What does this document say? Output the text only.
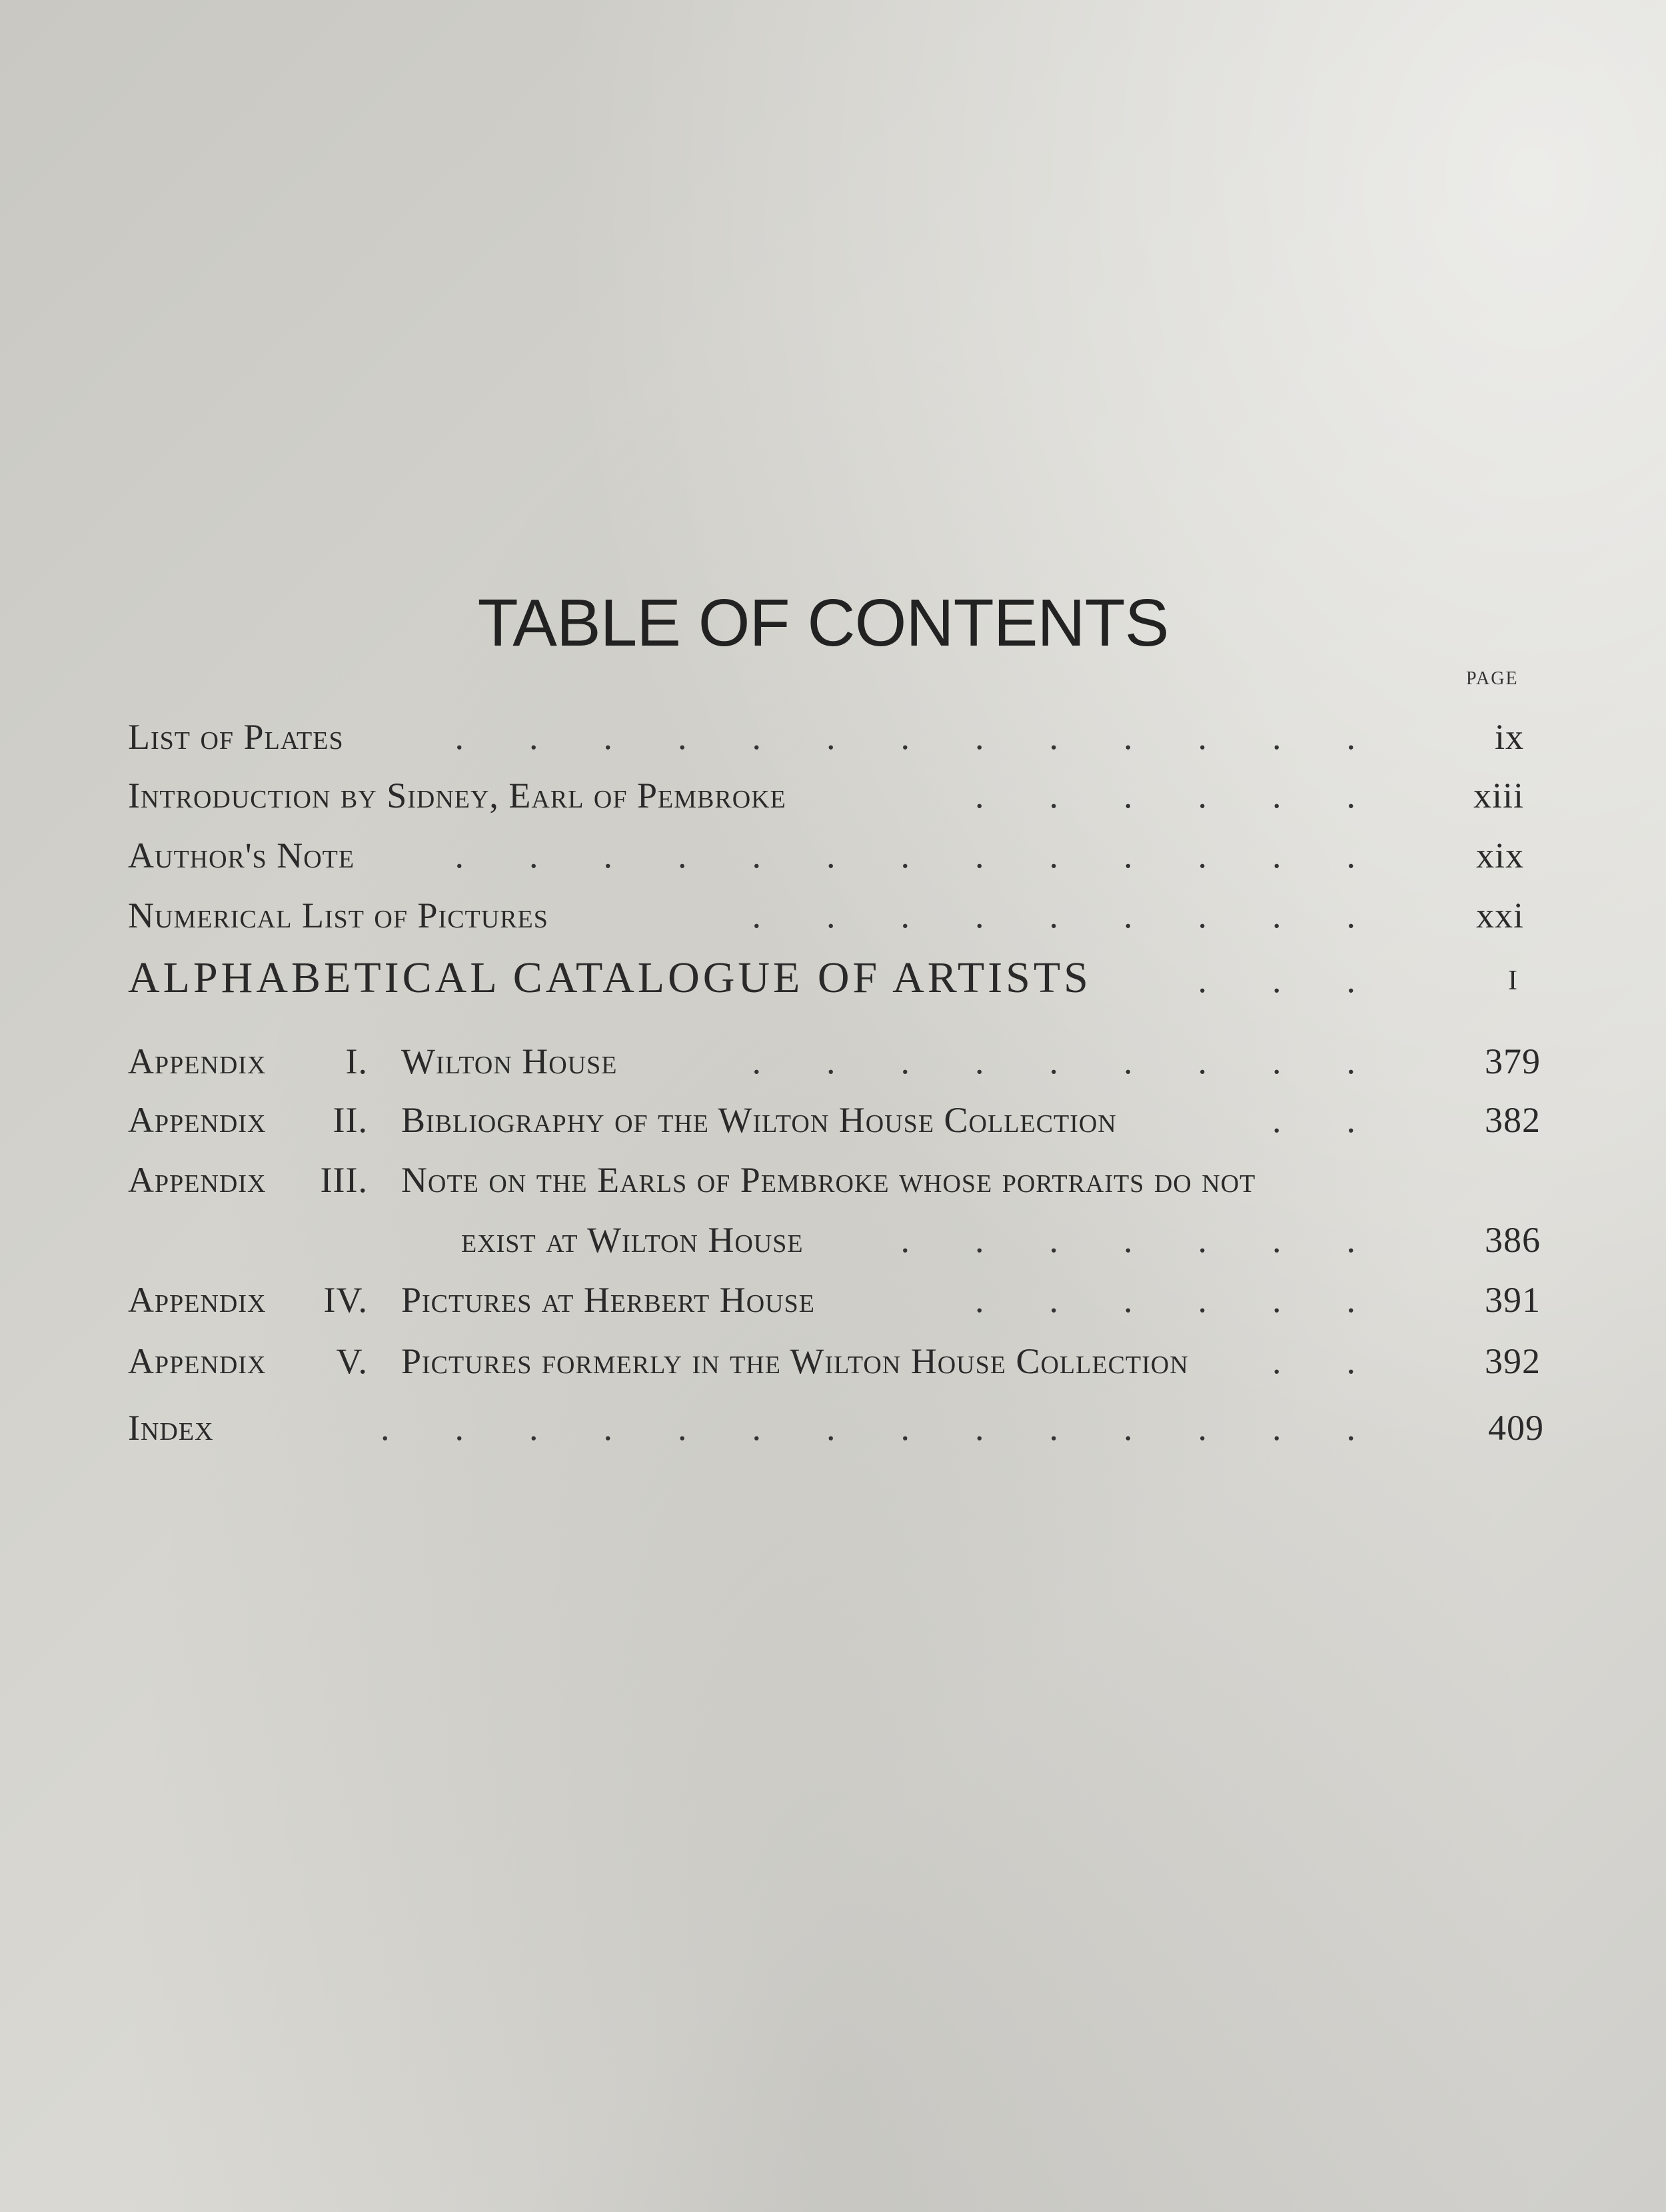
TABLE OF CONTENTS
PAGE
List of Plates	............. ix
Introduction by Sidney, Earl of Pembroke	...... xiii
Author's Note	............. xix
Numerical List of Pictures	......... xxi
ALPHABETICAL CATALOGUE OF ARTISTS	...	I
Appendix	I. Wilton House	......... 379
Appendix	II. Bibliography of the Wilton House Collection	.. 382
Appendix	III. Note on the Earls of Pembroke whose portraits do not
exist at Wilton House	....... 386
Appendix	IV. Pictures at Herbert House	...... 391
Appendix	V. Pictures formerly in the Wilton House Collection .. 392
Index	.............. 409
